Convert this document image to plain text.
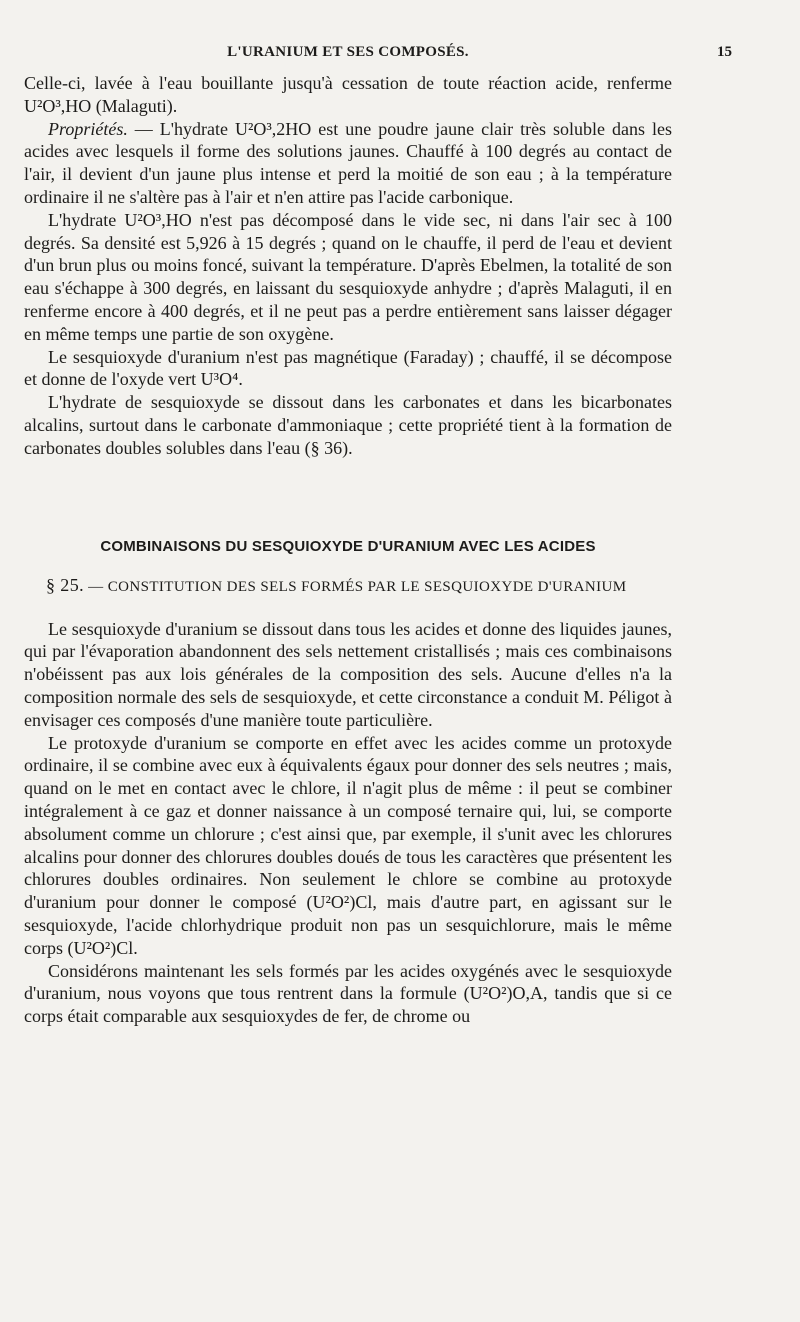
L'URANIUM ET SES COMPOSÉS.	15

Celle-ci, lavée à l'eau bouillante jusqu'à cessation de toute réaction acide, renferme U²O³,HO (Malaguti).

Propriétés. — L'hydrate U²O³,2HO est une poudre jaune clair très soluble dans les acides avec lesquels il forme des solutions jaunes. Chauffé à 100 degrés au contact de l'air, il devient d'un jaune plus intense et perd la moitié de son eau ; à la température ordinaire il ne s'altère pas à l'air et n'en attire pas l'acide carbonique.

L'hydrate U²O³,HO n'est pas décomposé dans le vide sec, ni dans l'air sec à 100 degrés. Sa densité est 5,926 à 15 degrés ; quand on le chauffe, il perd de l'eau et devient d'un brun plus ou moins foncé, suivant la température. D'après Ebelmen, la totalité de son eau s'échappe à 300 degrés, en laissant du sesquioxyde anhydre ; d'après Malaguti, il en renferme encore à 400 degrés, et il ne peut pas a perdre entièrement sans laisser dégager en même temps une partie de son oxygène.

Le sesquioxyde d'uranium n'est pas magnétique (Faraday) ; chauffé, il se décompose et donne de l'oxyde vert U³O⁴.

L'hydrate de sesquioxyde se dissout dans les carbonates et dans les bicarbonates alcalins, surtout dans le carbonate d'ammoniaque ; cette propriété tient à la formation de carbonates doubles solubles dans l'eau (§ 36).

COMBINAISONS DU SESQUIOXYDE D'URANIUM AVEC LES ACIDES
§ 25. — CONSTITUTION DES SELS FORMÉS PAR LE SESQUIOXYDE D'URANIUM

Le sesquioxyde d'uranium se dissout dans tous les acides et donne des liquides jaunes, qui par l'évaporation abandonnent des sels nettement cristallisés ; mais ces combinaisons n'obéissent pas aux lois générales de la composition des sels. Aucune d'elles n'a la composition normale des sels de sesquioxyde, et cette circonstance a conduit M. Péligot à envisager ces composés d'une manière toute particulière.

Le protoxyde d'uranium se comporte en effet avec les acides comme un protoxyde ordinaire, il se combine avec eux à équivalents égaux pour donner des sels neutres ; mais, quand on le met en contact avec le chlore, il n'agit plus de même : il peut se combiner intégralement à ce gaz et donner naissance à un composé ternaire qui, lui, se comporte absolument comme un chlorure ; c'est ainsi que, par exemple, il s'unit avec les chlorures alcalins pour donner des chlorures doubles doués de tous les caractères que présentent les chlorures doubles ordinaires. Non seulement le chlore se combine au protoxyde d'uranium pour donner le composé (U²O²)Cl, mais d'autre part, en agissant sur le sesquioxyde, l'acide chlorhydrique produit non pas un sesquichlorure, mais le même corps (U²O²)Cl.

Considérons maintenant les sels formés par les acides oxygénés avec le sesquioxyde d'uranium, nous voyons que tous rentrent dans la formule (U²O²)O,A, tandis que si ce corps était comparable aux sesquioxydes de fer, de chrome ou
